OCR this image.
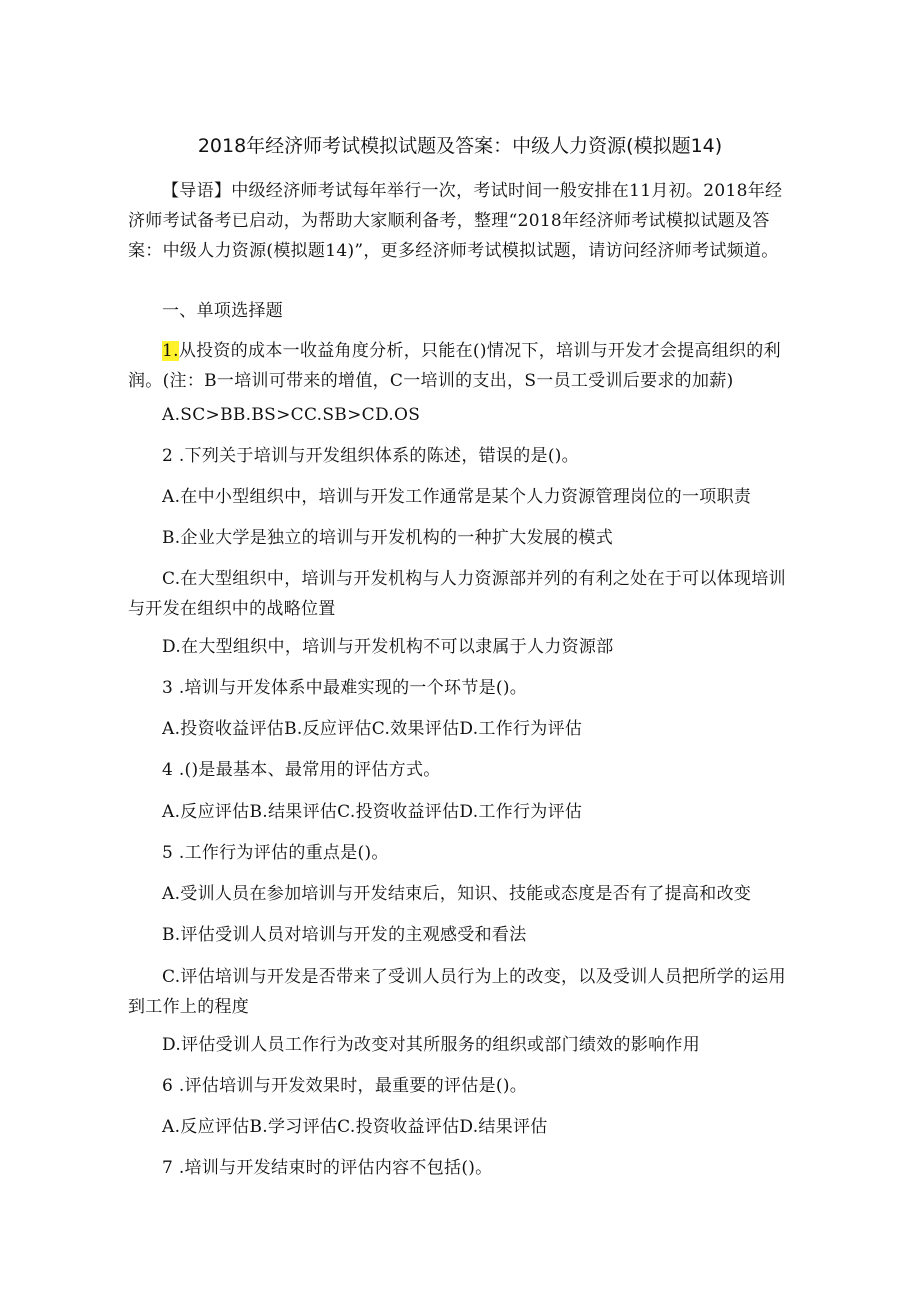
2018年经济师考试模拟试题及答案：中级人力资源(模拟题14)

【导语】中级经济师考试每年举行一次，考试时间一般安排在11月初。2018年经济师考试备考已启动，为帮助大家顺利备考，整理“2018年经济师考试模拟试题及答案：中级人力资源(模拟题14)”，更多经济师考试模拟试题，请访问经济师考试频道。

一、单项选择题

1.从投资的成本一收益角度分析，只能在()情况下，培训与开发才会提高组织的利润。(注：B一培训可带来的增值，C一培训的支出，S一员工受训后要求的加薪)

A.SC>BB.BS>CC.SB>CD.OS

2 .下列关于培训与开发组织体系的陈述，错误的是()。

A.在中小型组织中，培训与开发工作通常是某个人力资源管理岗位的一项职责

B.企业大学是独立的培训与开发机构的一种扩大发展的模式

C.在大型组织中，培训与开发机构与人力资源部并列的有利之处在于可以体现培训与开发在组织中的战略位置

D.在大型组织中，培训与开发机构不可以隶属于人力资源部

3 .培训与开发体系中最难实现的一个环节是()。

A.投资收益评估B.反应评估C.效果评估D.工作行为评估

4 .()是最基本、最常用的评估方式。

A.反应评估B.结果评估C.投资收益评估D.工作行为评估

5 .工作行为评估的重点是()。

A.受训人员在参加培训与开发结束后，知识、技能或态度是否有了提高和改变

B.评估受训人员对培训与开发的主观感受和看法

C.评估培训与开发是否带来了受训人员行为上的改变，以及受训人员把所学的运用到工作上的程度

D.评估受训人员工作行为改变对其所服务的组织或部门绩效的影响作用

6 .评估培训与开发效果时，最重要的评估是()。

A.反应评估B.学习评估C.投资收益评估D.结果评估

7 .培训与开发结束时的评估内容不包括()。
